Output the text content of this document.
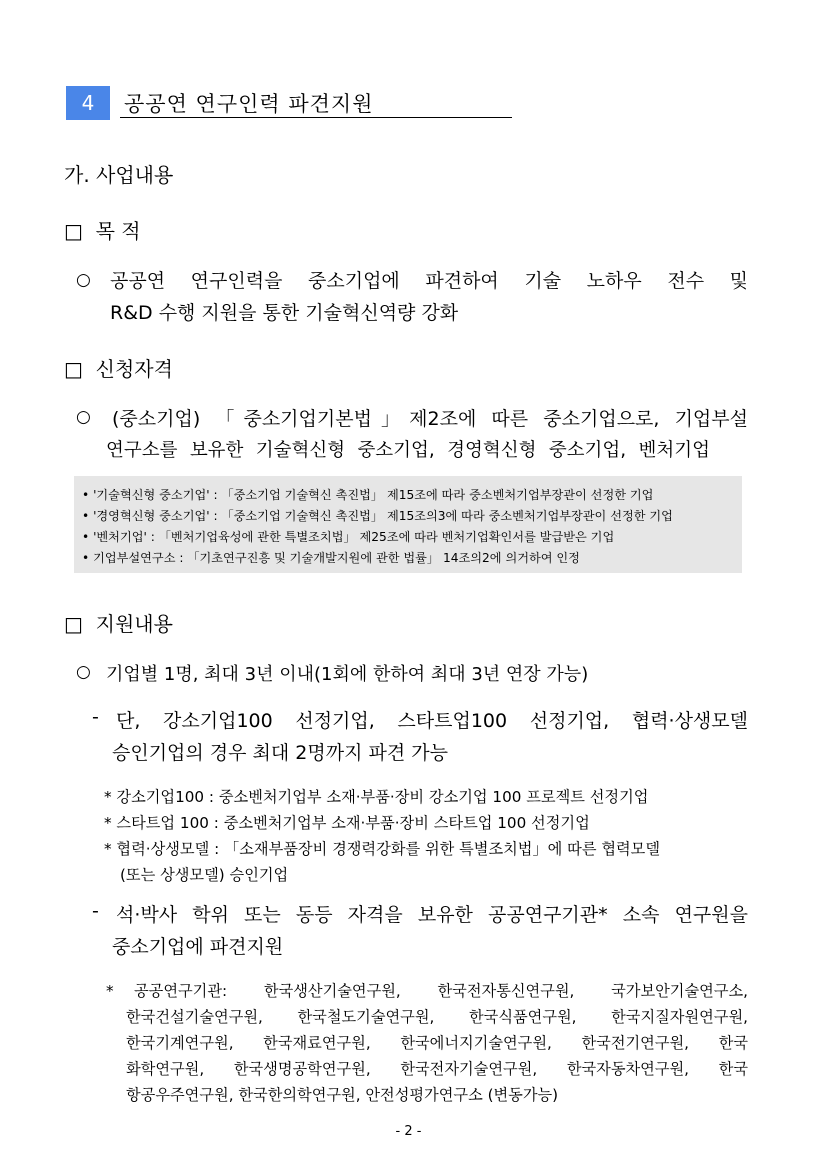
4	공공연 연구인력 파견지원
가. 사업내용
□ 목 적
○ 공공연 연구인력을 중소기업에 파견하여 기술 노하우 전수 및
R&D 수행 지원을 통한 기술혁신역량 강화
□ 신청자격
○ (중소기업) 「중소기업기본법」제2조에 따른 중소기업으로, 기업부설
연구소를 보유한 기술혁신형 중소기업, 경영혁신형 중소기업, 벤처기업
• '기술혁신형 중소기업' : 「중소기업 기술혁신 촉진법」 제15조에 따라 중소벤처기업부장관이 선정한 기업
• '경영혁신형 중소기업' : 「중소기업 기술혁신 촉진법」 제15조의3에 따라 중소벤처기업부장관이 선정한 기업
• '벤처기업' : 「벤처기업육성에 관한 특별조치법」 제25조에 따라 벤처기업확인서를 발급받은 기업
• 기업부설연구소 : 「기초연구진흥 및 기술개발지원에 관한 법률」 14조의2에 의거하여 인정
□ 지원내용
○ 기업별 1명, 최대 3년 이내(1회에 한하여 최대 3년 연장 가능)
- 단, 강소기업100 선정기업, 스타트업100 선정기업, 협력·상생모델
승인기업의 경우 최대 2명까지 파견 가능
* 강소기업100 : 중소벤처기업부 소재·부품·장비 강소기업 100 프로젝트 선정기업
* 스타트업 100 : 중소벤처기업부 소재·부품·장비 스타트업 100 선정기업
* 협력·상생모델 : 「소재부품장비 경쟁력강화를 위한 특별조치법」에 따른 협력모델
(또는 상생모델) 승인기업
- 석·박사 학위 또는 동등 자격을 보유한 공공연구기관* 소속 연구원을
중소기업에 파견지원
* 공공연구기관: 한국생산기술연구원, 한국전자통신연구원, 국가보안기술연구소,
한국건설기술연구원, 한국철도기술연구원, 한국식품연구원, 한국지질자원연구원,
한국기계연구원, 한국재료연구원, 한국에너지기술연구원, 한국전기연구원, 한국
화학연구원, 한국생명공학연구원, 한국전자기술연구원, 한국자동차연구원, 한국
항공우주연구원, 한국한의학연구원, 안전성평가연구소 (변동가능)
- 2 -
